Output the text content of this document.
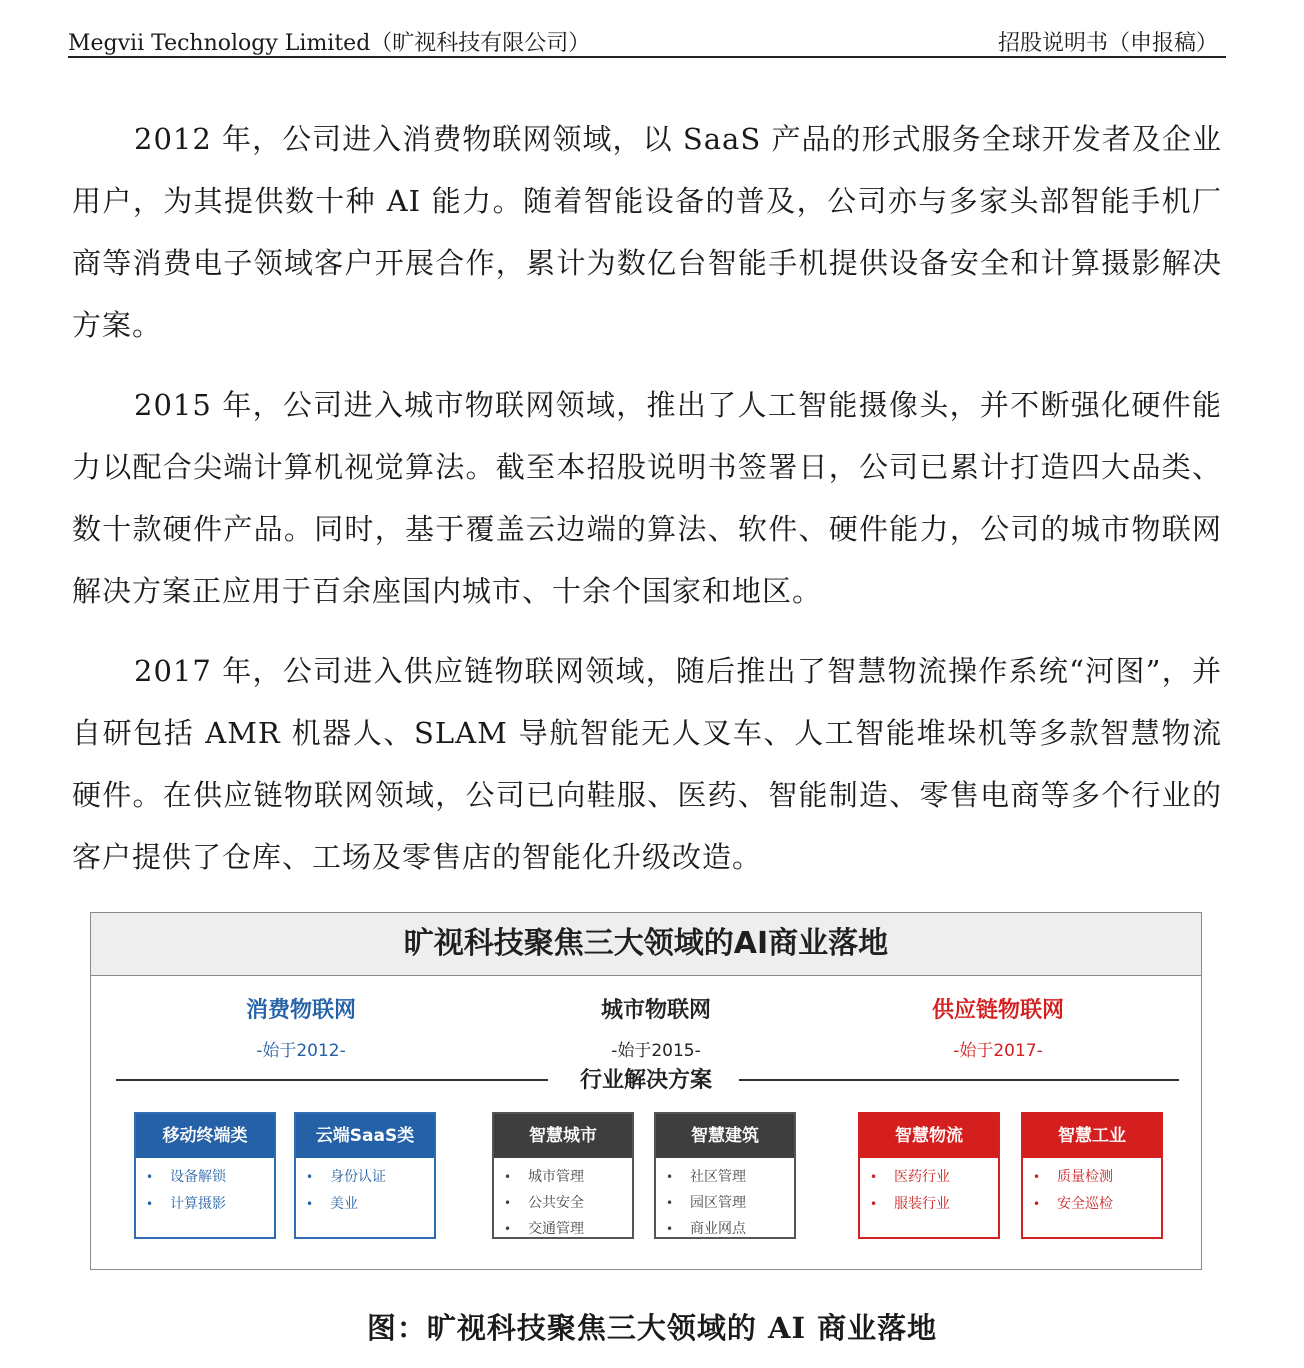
Megvii Technology Limited（旷视科技有限公司）	招股说明书（申报稿）

2012 年，公司进入消费物联网领域，以 SaaS 产品的形式服务全球开发者及企业用户，为其提供数十种 AI 能力。随着智能设备的普及，公司亦与多家头部智能手机厂商等消费电子领域客户开展合作，累计为数亿台智能手机提供设备安全和计算摄影解决方案。

2015 年，公司进入城市物联网领域，推出了人工智能摄像头，并不断强化硬件能力以配合尖端计算机视觉算法。截至本招股说明书签署日，公司已累计打造四大品类、数十款硬件产品。同时，基于覆盖云边端的算法、软件、硬件能力，公司的城市物联网解决方案正应用于百余座国内城市、十余个国家和地区。

2017 年，公司进入供应链物联网领域，随后推出了智慧物流操作系统“河图”，并自研包括 AMR 机器人、SLAM 导航智能无人叉车、人工智能堆垛机等多款智慧物流硬件。在供应链物联网领域，公司已向鞋服、医药、智能制造、零售电商等多个行业的客户提供了仓库、工场及零售店的智能化升级改造。

旷视科技聚焦三大领域的AI商业落地
消费物联网
-始于2012-
城市物联网
-始于2015-
供应链物联网
-始于2017-
行业解决方案
移动终端类
• 设备解锁
• 计算摄影
云端SaaS类
• 身份认证
• 美业
智慧城市
• 城市管理
• 公共安全
• 交通管理
智慧建筑
• 社区管理
• 园区管理
• 商业网点
智慧物流
• 医药行业
• 服装行业
智慧工业
• 质量检测
• 安全巡检
图：旷视科技聚焦三大领域的 AI 商业落地
